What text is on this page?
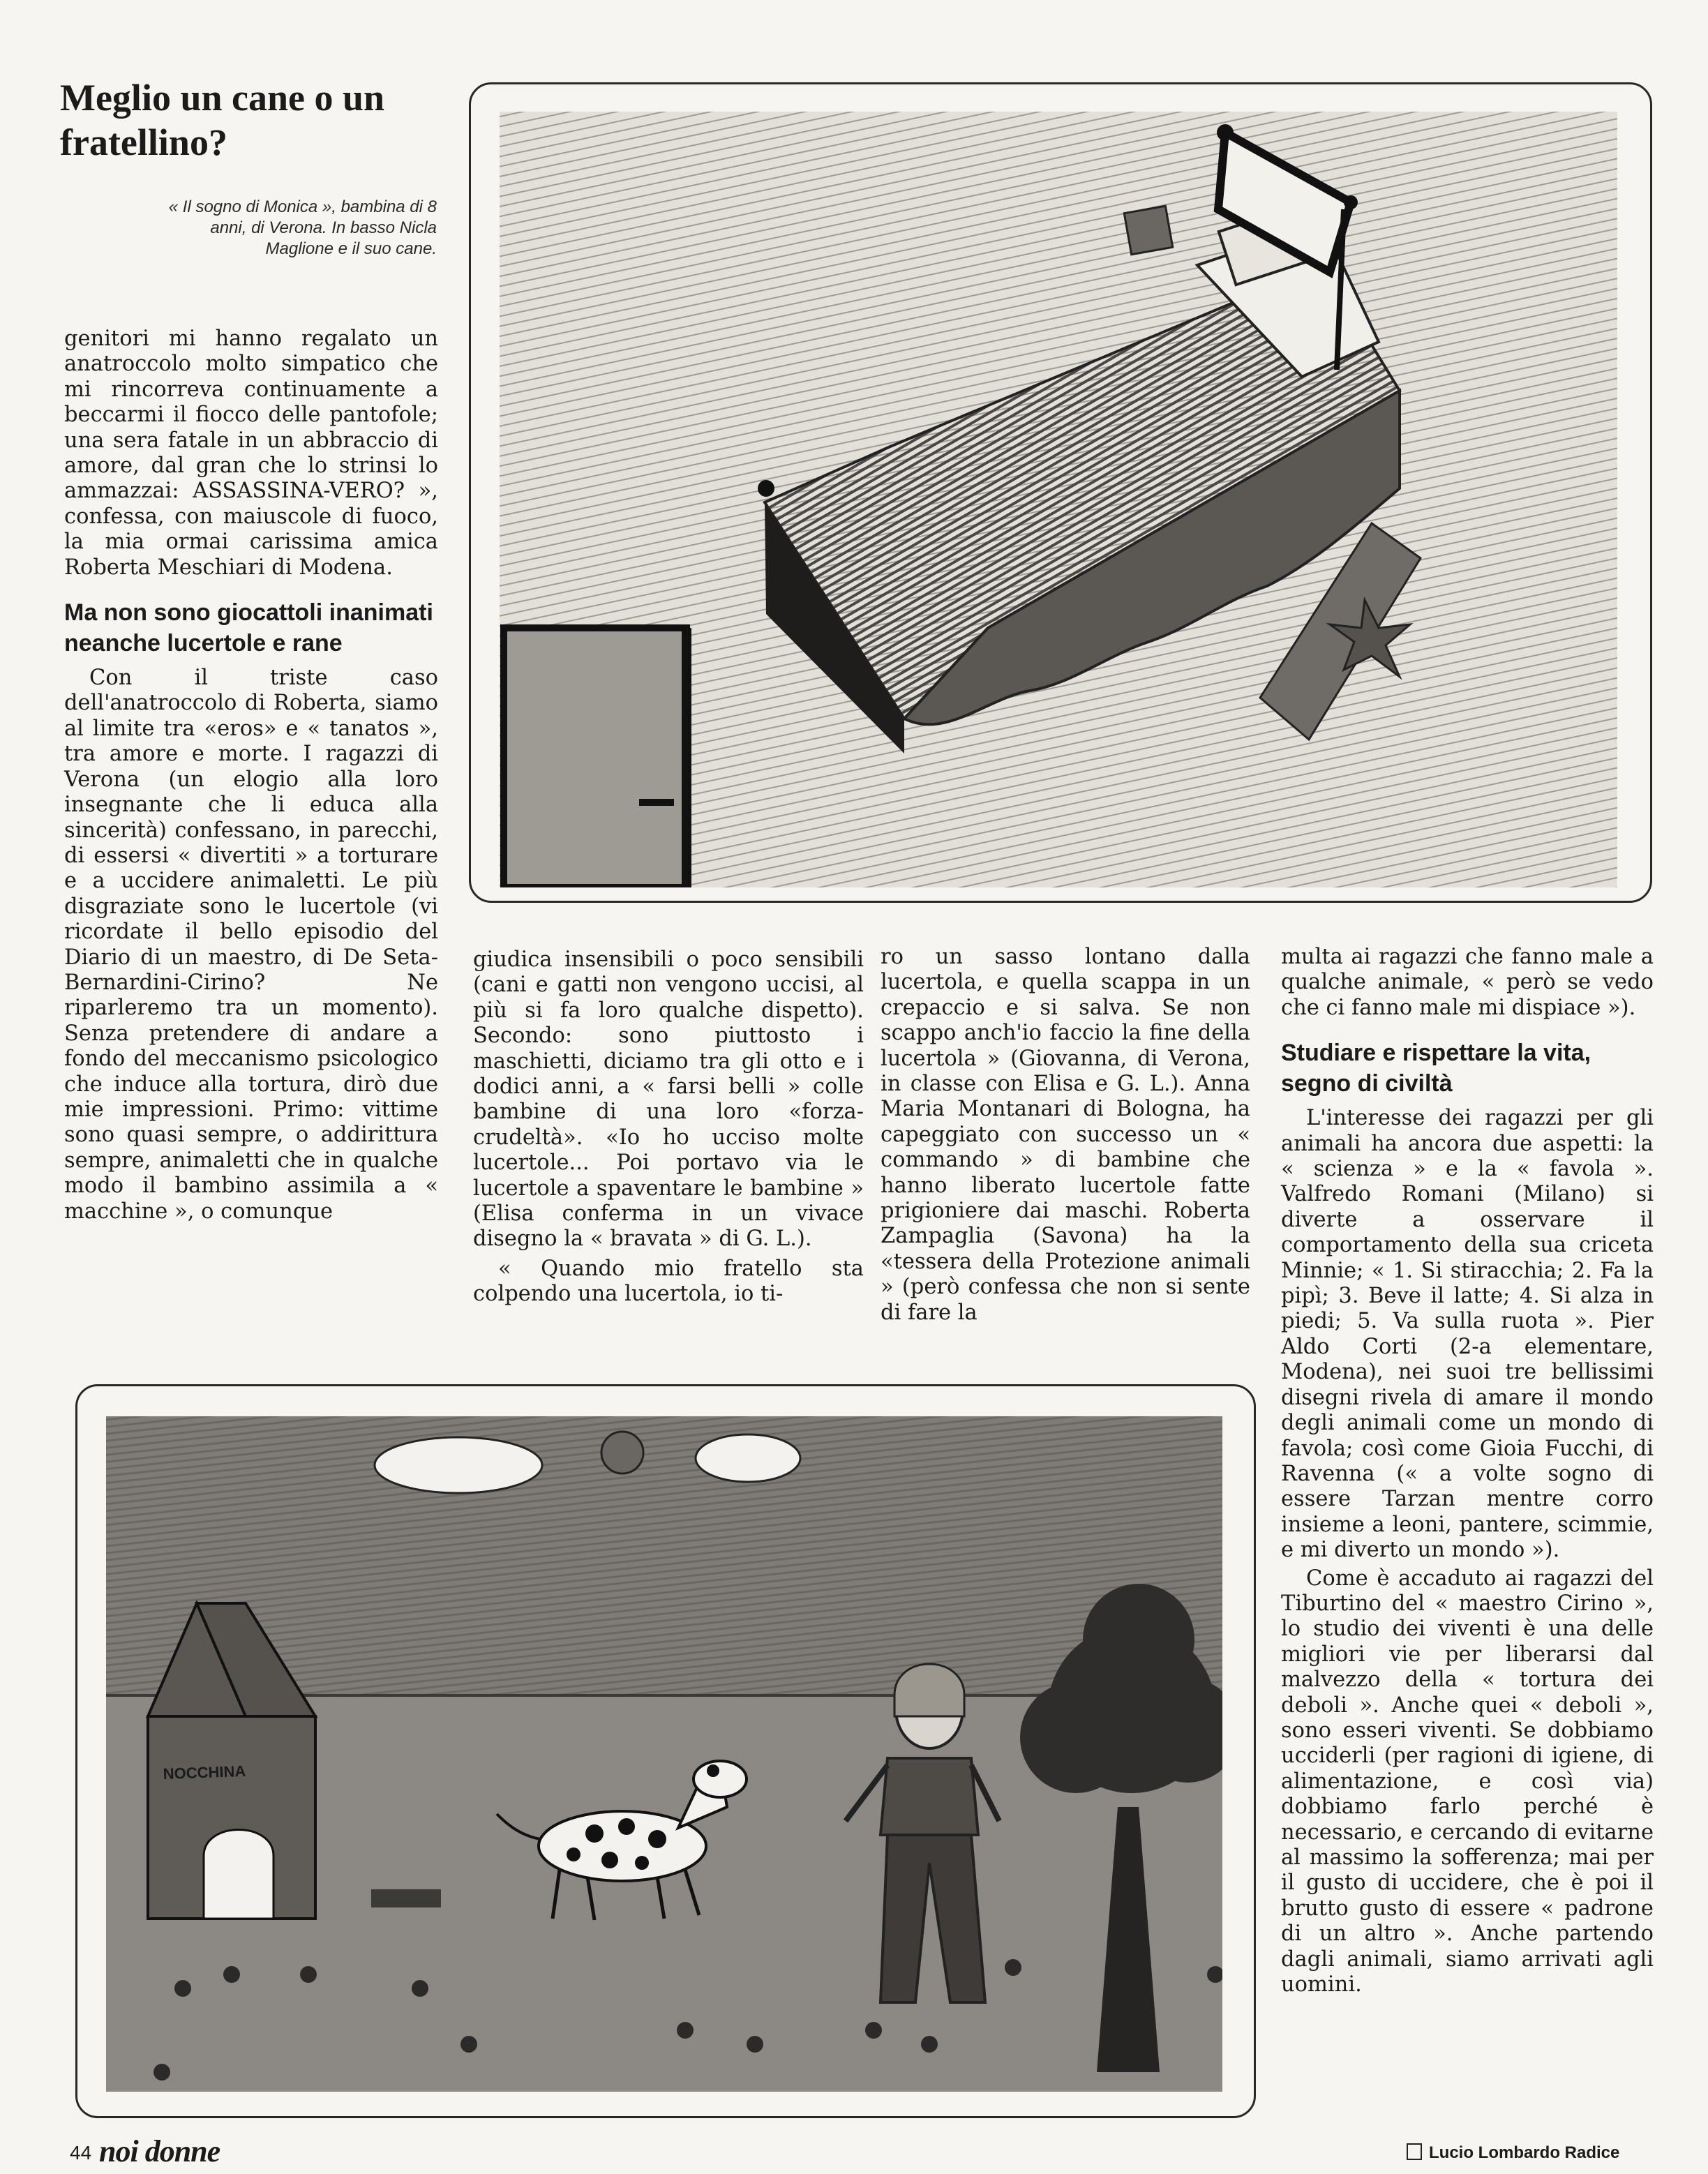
Meglio un cane o un fratellino?
« Il sogno di Monica », bambina di 8 anni, di Verona. In basso Nicla Maglione e il suo cane.

genitori mi hanno regalato un anatroccolo molto simpatico che mi rincorreva continuamente a beccarmi il fiocco delle pantofole; una sera fatale in un abbraccio di amore, dal gran che lo strinsi lo ammazzai: ASSASSINA-VERO? », confessa, con maiuscole di fuoco, la mia ormai carissima amica Roberta Meschiari di Modena.

Ma non sono giocattoli inanimati neanche lucertole e rane

Con il triste caso dell'anatroccolo di Roberta, siamo al limite tra «eros» e « tanatos », tra amore e morte. I ragazzi di Verona (un elogio alla loro insegnante che li educa alla sincerità) confessano, in parecchi, di essersi « divertiti » a torturare e a uccidere animaletti. Le più disgraziate sono le lucertole (vi ricordate il bello episodio del Diario di un maestro, di De Seta-Bernardini-Cirino? Ne riparleremo tra un momento). Senza pretendere di andare a fondo del meccanismo psicologico che induce alla tortura, dirò due mie impressioni. Primo: vittime sono quasi sempre, o addirittura sempre, animaletti che in qualche modo il bambino assimila a « macchine », o comunque

giudica insensibili o poco sensibili (cani e gatti non vengono uccisi, al più si fa loro qualche dispetto). Secondo: sono piuttosto i maschietti, diciamo tra gli otto e i dodici anni, a « farsi belli » colle bambine di una loro «forza-crudeltà». «Io ho ucciso molte lucertole... Poi portavo via le lucertole a spaventare le bambine » (Elisa conferma in un vivace disegno la « bravata » di G. L.).

« Quando mio fratello sta colpendo una lucertola, io ti-

ro un sasso lontano dalla lucertola, e quella scappa in un crepaccio e si salva. Se non scappo anch'io faccio la fine della lucertola » (Giovanna, di Verona, in classe con Elisa e G. L.). Anna Maria Montanari di Bologna, ha capeggiato con successo un « commando » di bambine che hanno liberato lucertole fatte prigioniere dai maschi. Roberta Zampaglia (Savona) ha la «tessera della Protezione animali » (però confessa che non si sente di fare la

multa ai ragazzi che fanno male a qualche animale, « però se vedo che ci fanno male mi dispiace »).

Studiare e rispettare la vita, segno di civiltà

L'interesse dei ragazzi per gli animali ha ancora due aspetti: la « scienza » e la « favola ». Valfredo Romani (Milano) si diverte a osservare il comportamento della sua criceta Minnie; « 1. Si stiracchia; 2. Fa la pipì; 3. Beve il latte; 4. Si alza in piedi; 5. Va sulla ruota ». Pier Aldo Corti (2-a elementare, Modena), nei suoi tre bellissimi disegni rivela di amare il mondo degli animali come un mondo di favola; così come Gioia Fucchi, di Ravenna (« a volte sogno di essere Tarzan mentre corro insieme a leoni, pantere, scimmie, e mi diverto un mondo »).

Come è accaduto ai ragazzi del Tiburtino del « maestro Cirino », lo studio dei viventi è una delle migliori vie per liberarsi dal malvezzo della « tortura dei deboli ». Anche quei « deboli », sono esseri viventi. Se dobbiamo ucciderli (per ragioni di igiene, di alimentazione, e così via) dobbiamo farlo perché è necessario, e cercando di evitarne al massimo la sofferenza; mai per il gusto di uccidere, che è poi il brutto gusto di essere « padrone di un altro ». Anche partendo dagli animali, siamo arrivati agli uomini.

Lucio Lombardo Radice
NOCCHINA
44 noi donne
